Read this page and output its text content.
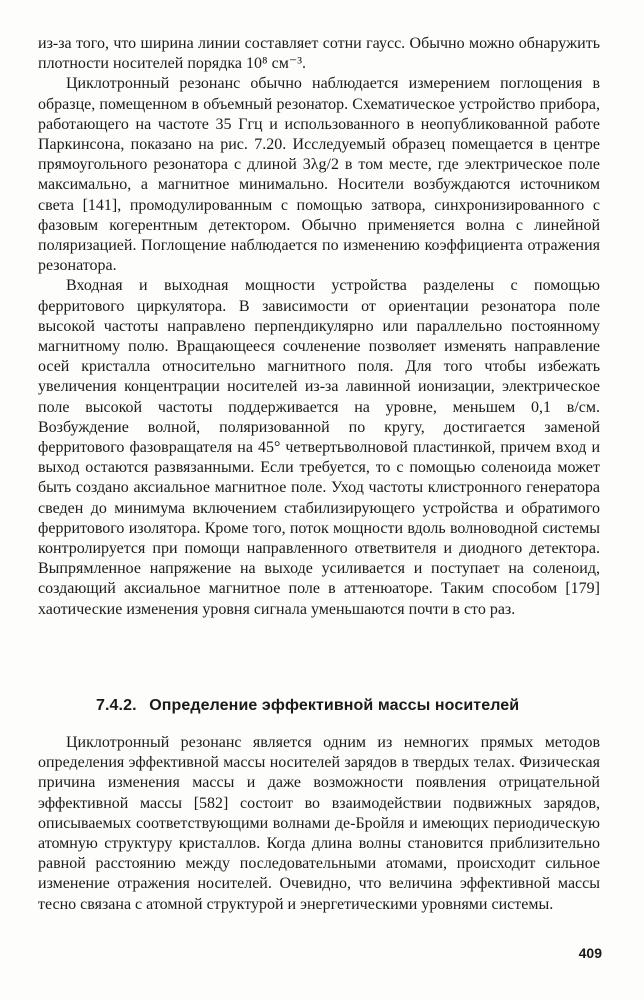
из-за того, что ширина линии составляет сотни гаусс. Обычно можно обнаружить плотности носителей порядка 10⁸ см⁻³.

Циклотронный резонанс обычно наблюдается измерением поглощения в образце, помещенном в объемный резонатор. Схематическое устройство прибора, работающего на частоте 35 Ггц и использованного в неопубликованной работе Паркинсона, показано на рис. 7.20. Исследуемый образец помещается в центре прямоугольного резонатора с длиной 3λg/2 в том месте, где электрическое поле максимально, а магнитное минимально. Носители возбуждаются источником света [141], промодулированным с помощью затвора, синхронизированного с фазовым когерентным детектором. Обычно применяется волна с линейной поляризацией. Поглощение наблюдается по изменению коэффициента отражения резонатора.

Входная и выходная мощности устройства разделены с помощью ферритового циркулятора. В зависимости от ориентации резонатора поле высокой частоты направлено перпендикулярно или параллельно постоянному магнитному полю. Вращающееся сочленение позволяет изменять направление осей кристалла относительно магнитного поля. Для того чтобы избежать увеличения концентрации носителей из-за лавинной ионизации, электрическое поле высокой частоты поддерживается на уровне, меньшем 0,1 в/см. Возбуждение волной, поляризованной по кругу, достигается заменой ферритового фазовращателя на 45° четвертьволновой пластинкой, причем вход и выход остаются развязанными. Если требуется, то с помощью соленоида может быть создано аксиальное магнитное поле. Уход частоты клистронного генератора сведен до минимума включением стабилизирующего устройства и обратимого ферритового изолятора. Кроме того, поток мощности вдоль волноводной системы контролируется при помощи направленного ответвителя и диодного детектора. Выпрямленное напряжение на выходе усиливается и поступает на соленоид, создающий аксиальное магнитное поле в аттенюаторе. Таким способом [179] хаотические изменения уровня сигнала уменьшаются почти в сто раз.

7.4.2. Определение эффективной массы носителей

Циклотронный резонанс является одним из немногих прямых методов определения эффективной массы носителей зарядов в твердых телах. Физическая причина изменения массы и даже возможности появления отрицательной эффективной массы [582] состоит во взаимодействии подвижных зарядов, описываемых соответствующими волнами де-Бройля и имеющих периодическую атомную структуру кристаллов. Когда длина волны становится приблизительно равной расстоянию между последовательными атомами, происходит сильное изменение отражения носителей. Очевидно, что величина эффективной массы тесно связана с атомной структурой и энергетическими уровнями системы.

409
